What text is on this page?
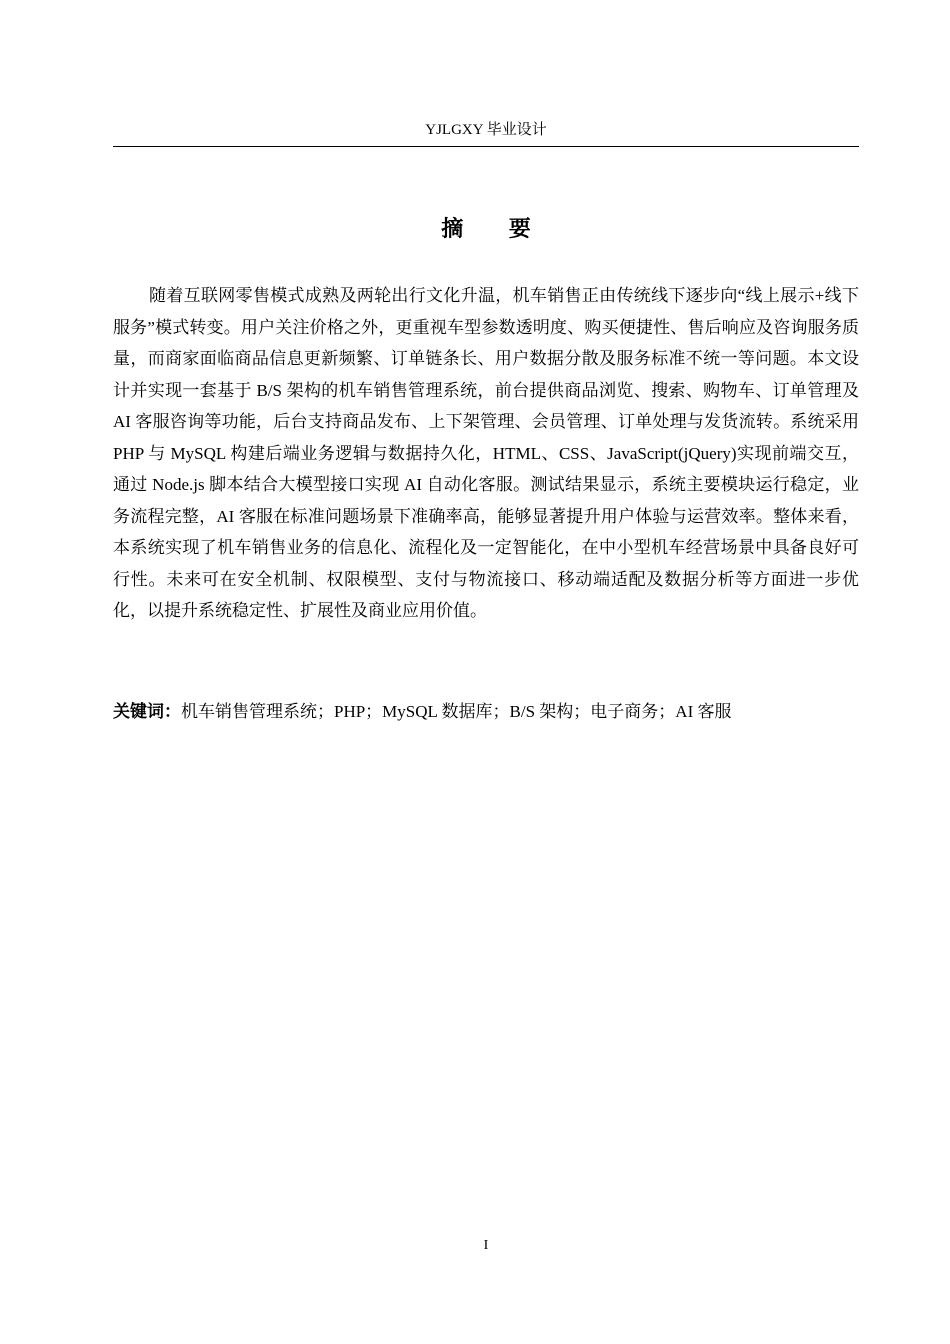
YJLGXY 毕业设计
摘 要

随着互联网零售模式成熟及两轮出行文化升温，机车销售正由传统线下逐步向“线上展示+线下服务”模式转变。用户关注价格之外，更重视车型参数透明度、购买便捷性、售后响应及咨询服务质量，而商家面临商品信息更新频繁、订单链条长、用户数据分散及服务标准不统一等问题。本文设计并实现一套基于 B/S 架构的机车销售管理系统，前台提供商品浏览、搜索、购物车、订单管理及 AI 客服咨询等功能，后台支持商品发布、上下架管理、会员管理、订单处理与发货流转。系统采用 PHP 与 MySQL 构建后端业务逻辑与数据持久化，HTML、CSS、JavaScript(jQuery)实现前端交互，通过 Node.js 脚本结合大模型接口实现 AI 自动化客服。测试结果显示，系统主要模块运行稳定，业务流程完整，AI 客服在标准问题场景下准确率高，能够显著提升用户体验与运营效率。整体来看，本系统实现了机车销售业务的信息化、流程化及一定智能化，在中小型机车经营场景中具备良好可行性。未来可在安全机制、权限模型、支付与物流接口、移动端适配及数据分析等方面进一步优化，以提升系统稳定性、扩展性及商业应用价值。

关键词：机车销售管理系统；PHP；MySQL 数据库；B/S 架构；电子商务；AI 客服
I
